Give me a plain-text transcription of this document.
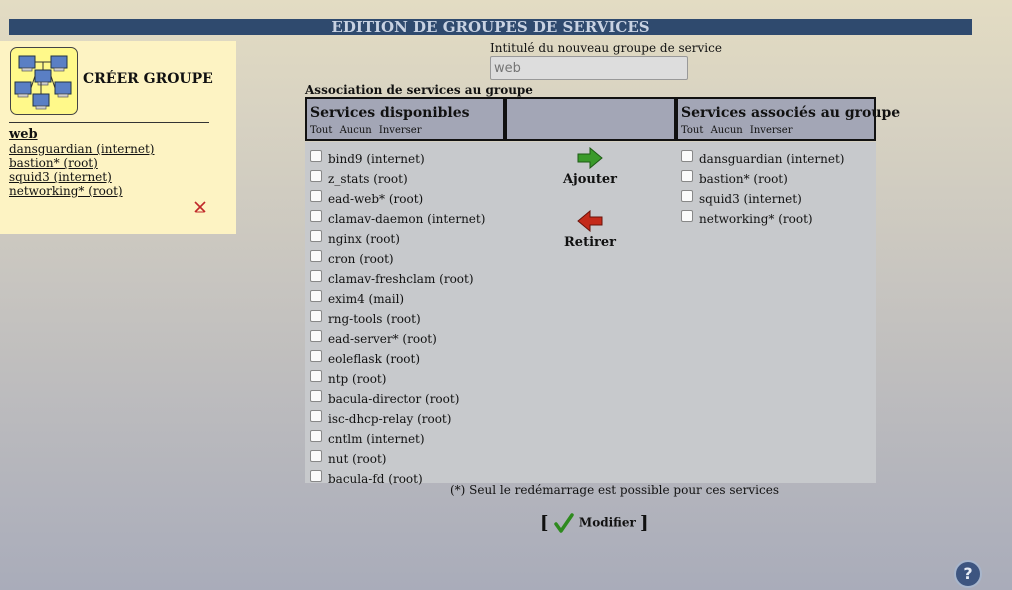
EDITION DE GROUPES DE SERVICES
CRÉER GROUPE
web
dansguardian (internet)
bastion* (root)
squid3 (internet)
networking* (root)
Intitulé du nouveau groupe de service
web
Association de services au groupe
Services disponibles
Tout Aucun Inverser
Services associés au groupe
Tout Aucun Inverser
bind9 (internet)
z_stats (root)
ead-web* (root)
clamav-daemon (internet)
nginx (root)
cron (root)
clamav-freshclam (root)
exim4 (mail)
rng-tools (root)
ead-server* (root)
eoleflask (root)
ntp (root)
bacula-director (root)
isc-dhcp-relay (root)
cntlm (internet)
nut (root)
bacula-fd (root)
dansguardian (internet)
bastion* (root)
squid3 (internet)
networking* (root)
Ajouter
Retirer
(*) Seul le redémarrage est possible pour ces services
[	Modifier ]
?
